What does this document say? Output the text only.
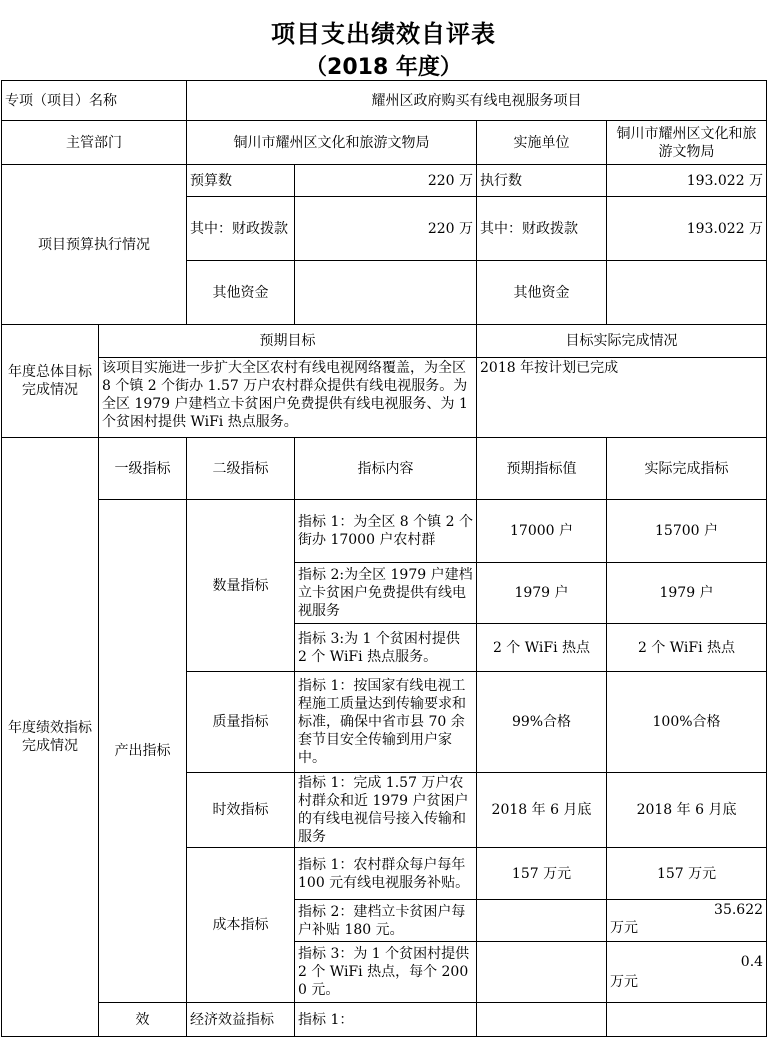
项目支出绩效自评表
（2018 年度）
专项（项目）名称		耀州区政府购买有线电视服务项目			
主管部门		铜川市耀州区文化和旅游文物局		实施单位	铜川市耀州区文化和旅游文物局
项目预算执行情况		预算数	220 万	执行数	193.022 万
		其中：财政拨款	220 万	其中：财政拨款	193.022 万
		其他资金		其他资金	
年度总体目标完成情况	预期目标			目标实际完成情况	
	该项目实施进一步扩大全区农村有线电视网络覆盖，为全区 8 个镇 2 个街办 1.57 万户农村群众提供有线电视服务。为全区 1979 户建档立卡贫困户免费提供有线电视服务、为 1 个贫困村提供 WiFi 热点服务。			2018 年按计划已完成	
年度绩效指标完成情况	一级指标	二级指标	指标内容	预期指标值	实际完成指标
	产出指标	数量指标	指标 1：为全区 8 个镇 2 个街办 17000 户农村群	17000 户	15700 户
			指标 2:为全区 1979 户建档立卡贫困户免费提供有线电视服务	1979 户	1979 户
			指标 3:为 1 个贫困村提供 2 个 WiFi 热点服务。	2 个 WiFi 热点	2 个 WiFi 热点
		质量指标	指标 1：按国家有线电视工程施工质量达到传输要求和标准，确保中省市县 70 余套节目安全传输到用户家中。	99%合格	100%合格
		时效指标	指标 1：完成 1.57 万户农村群众和近 1979 户贫困户的有线电视信号接入传输和服务	2018 年 6 月底	2018 年 6 月底
		成本指标	指标 1：农村群众每户每年 100 元有线电视服务补贴。	157 万元	157 万元
			指标 2：建档立卡贫困户每户补贴 180 元。		35.622
万元

			指标 3：为 1 个贫困村提供 2 个 WiFi 热点，每个 2000 元。		0.4
万元

	效	经济效益指标	指标 1：		
